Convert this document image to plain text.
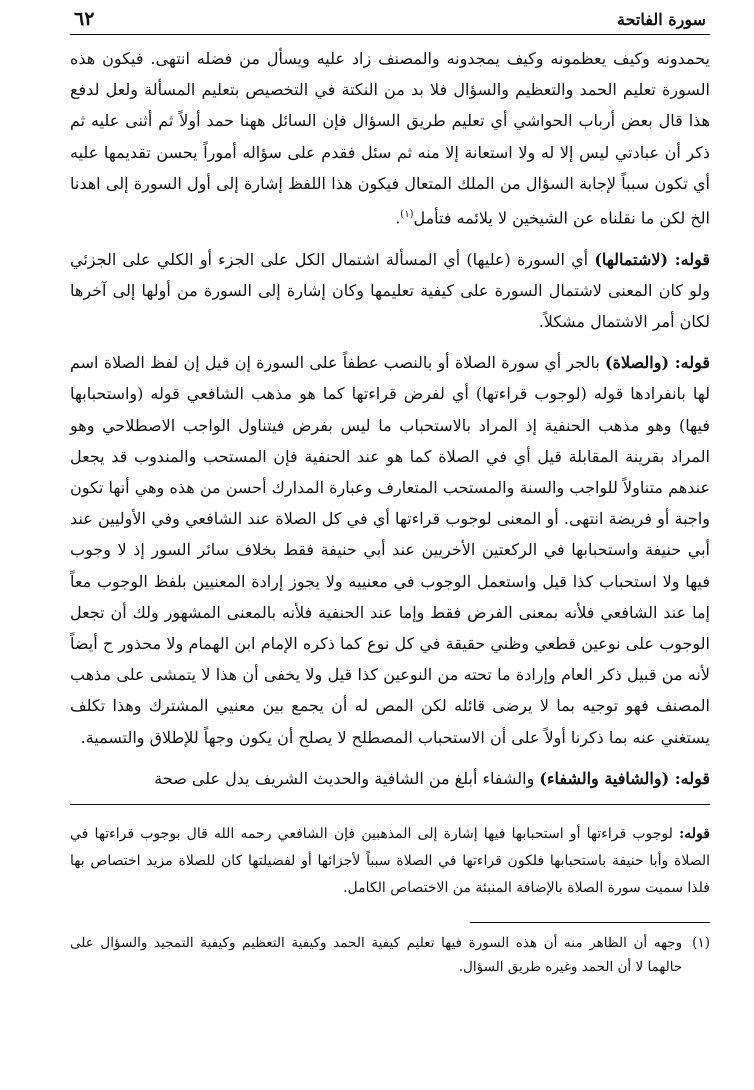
سورة الفاتحة
٦٢

يحمدونه وكيف يعظمونه وكيف يمجدونه والمصنف زاد عليه ويسأل من فضله انتهى. فيكون هذه السورة تعليم الحمد والتعظيم والسؤال فلا بد من النكتة في التخصيص بتعليم المسألة ولعل لدفع هذا قال بعض أرباب الحواشي أي تعليم طريق السؤال فإن السائل ههنا حمد أولاً ثم أثنى عليه ثم ذكر أن عبادتي ليس إلا له ولا استعانة إلا منه ثم سئل فقدم على سؤاله أموراً يحسن تقديمها عليه أي تكون سبباً لإجابة السؤال من الملك المتعال فيكون هذا اللفظ إشارة إلى أول السورة إلى اهدنا الخ لكن ما نقلناه عن الشيخين لا يلائمه فتأمل$^{(١)}$.

قوله: (لاشتمالها) أي السورة (عليها) أي المسألة اشتمال الكل على الجزء أو الكلي على الجزئي ولو كان المعنى لاشتمال السورة على كيفية تعليمها وكان إشارة إلى السورة من أولها إلى آخرها لكان أمر الاشتمال مشكلاً.

قوله: (والصلاة) بالجر أي سورة الصلاة أو بالنصب عطفاً على السورة إن قيل إن لفظ الصلاة اسم لها بانفرادها قوله (لوجوب قراءتها) أي لفرض قراءتها كما هو مذهب الشافعي قوله (واستحبابها فيها) وهو مذهب الحنفية إذ المراد بالاستحباب ما ليس بفرض فيتناول الواجب الاصطلاحي وهو المراد بقرينة المقابلة قيل أي في الصلاة كما هو عند الحنفية فإن المستحب والمندوب قد يجعل عندهم متناولاً للواجب والسنة والمستحب المتعارف وعبارة المدارك أحسن من هذه وهي أنها تكون واجبة أو فريضة انتهى. أو المعنى لوجوب قراءتها أي في كل الصلاة عند الشافعي وفي الأوليين عند أبي حنيفة واستحبابها في الركعتين الأخريين عند أبي حنيفة فقط بخلاف سائر السور إذ لا وجوب فيها ولا استحباب كذا قيل واستعمل الوجوب في معنييه ولا يجوز إرادة المعنيين بلفظ الوجوب معاً إما عند الشافعي فلأنه بمعنى الفرض فقط وإما عند الحنفية فلأنه بالمعنى المشهور ولك أن تجعل الوجوب على نوعين قطعي وظني حقيقة في كل نوع كما ذكره الإمام ابن الهمام ولا محذور ح أيضاً لأنه من قبيل ذكر العام وإرادة ما تحته من النوعين كذا قيل ولا يخفى أن هذا لا يتمشى على مذهب المصنف فهو توجيه بما لا يرضى قائله لكن المص له أن يجمع بين معنيي المشترك وهذا تكلف يستغني عنه بما ذكرنا أولاً على أن الاستحباب المصطلح لا يصلح أن يكون وجهاً للإطلاق والتسمية.

قوله: (والشافية والشفاء) والشفاء أبلغ من الشافية والحديث الشريف يدل على صحة

قوله: لوجوب قراءتها أو استحبابها فيها إشارة إلى المذهبين فإن الشافعي رحمه الله قال بوجوب قراءتها في الصلاة وأبا حنيفة باستحبابها فلكون قراءتها في الصلاة سبباً لأجزائها أو لفضيلتها كان للصلاة مزيد اختصاص بها فلذا سميت سورة الصلاة بالإضافة المنبئة من الاختصاص الكامل.
(١)
وجهه أن الظاهر منه أن هذه السورة فيها تعليم كيفية الحمد وكيفية التعظيم وكيفية التمجيد والسؤال على حالهما لا أن الحمد وغيره طريق السؤال.
